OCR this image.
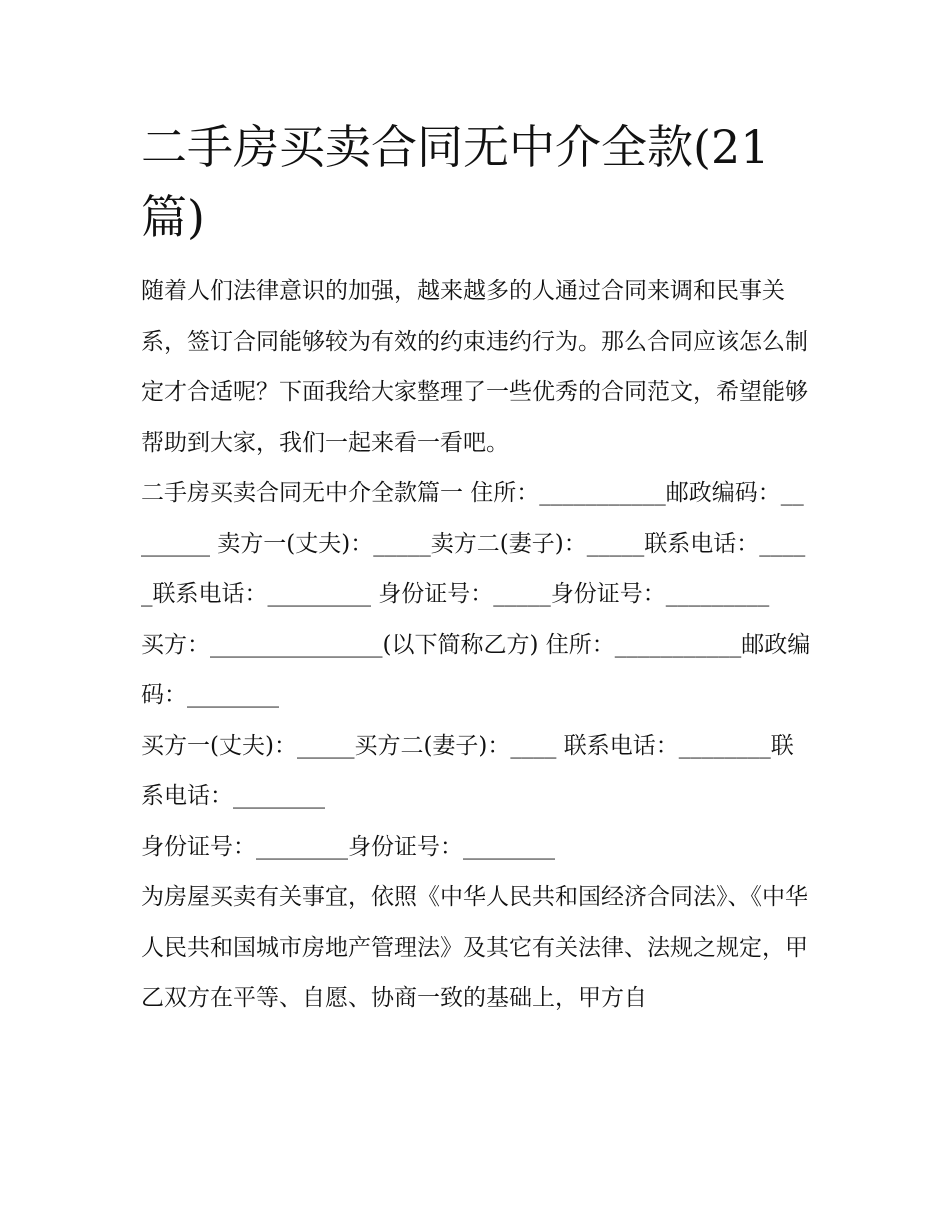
二手房买卖合同无中介全款(21篇)

随着人们法律意识的加强，越来越多的人通过合同来调和民事关系，签订合同能够较为有效的约束违约行为。那么合同应该怎么制定才合适呢？下面我给大家整理了一些优秀的合同范文，希望能够帮助到大家，我们一起来看一看吧。

二手房买卖合同无中介全款篇一 住所：___________邮政编码：________ 卖方一(丈夫)：_____卖方二(妻子)：_____联系电话：_____联系电话：_________ 身份证号：_____身份证号：_________

买方：_______________(以下简称乙方) 住所：___________邮政编码：________

买方一(丈夫)：_____买方二(妻子)：____ 联系电话：________联系电话：________

身份证号：________身份证号：________

为房屋买卖有关事宜，依照《中华人民共和国经济合同法》、《中华人民共和国城市房地产管理法》及其它有关法律、法规之规定，甲乙双方在平等、自愿、协商一致的基础上，甲方自
